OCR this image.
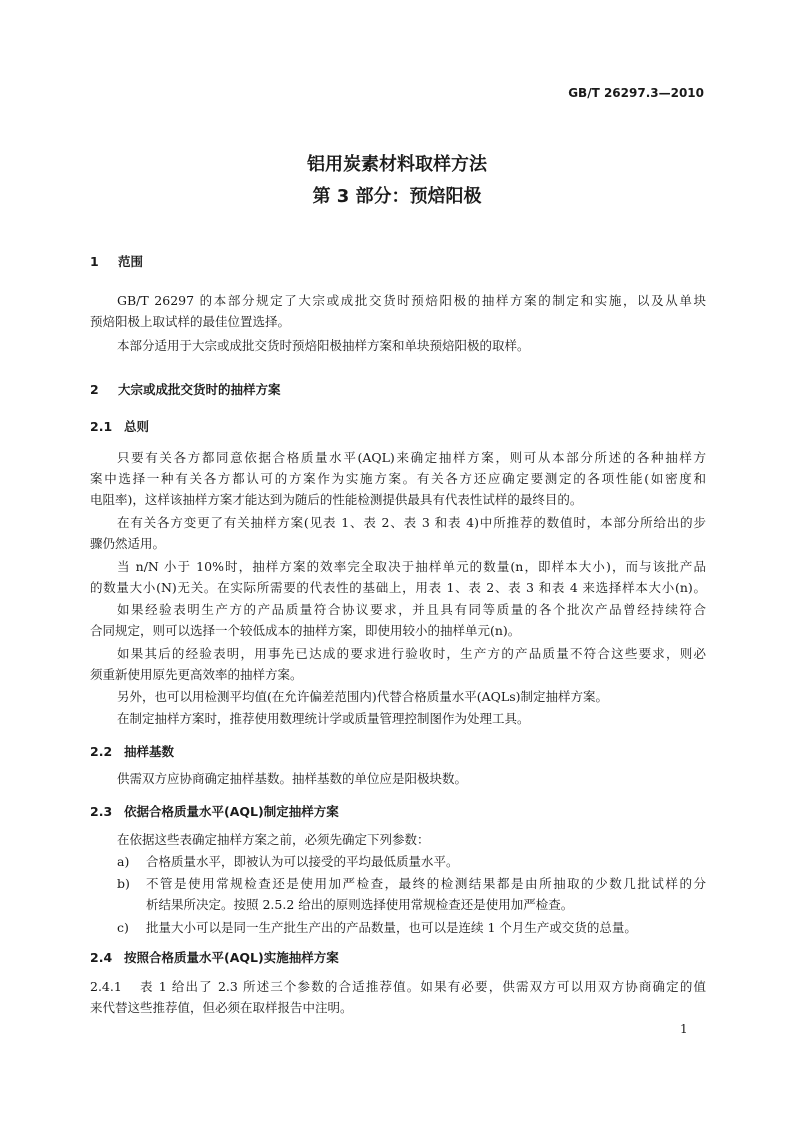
GB/T 26297.3—2010
铝用炭素材料取样方法
第 3 部分：预焙阳极
1 范围
GB/T 26297 的本部分规定了大宗或成批交货时预焙阳极的抽样方案的制定和实施，以及从单块
预焙阳极上取试样的最佳位置选择。
本部分适用于大宗或成批交货时预焙阳极抽样方案和单块预焙阳极的取样。
2 大宗或成批交货时的抽样方案
2.1 总则
只要有关各方都同意依据合格质量水平(AQL)来确定抽样方案，则可从本部分所述的各种抽样方
案中选择一种有关各方都认可的方案作为实施方案。有关各方还应确定要测定的各项性能(如密度和
电阻率)，这样该抽样方案才能达到为随后的性能检测提供最具有代表性试样的最终目的。
在有关各方变更了有关抽样方案(见表 1、表 2、表 3 和表 4)中所推荐的数值时，本部分所给出的步
骤仍然适用。
当 n/N 小于 10%时，抽样方案的效率完全取决于抽样单元的数量(n，即样本大小)，而与该批产品
的数量大小(N)无关。在实际所需要的代表性的基础上，用表 1、表 2、表 3 和表 4 来选择样本大小(n)。
如果经验表明生产方的产品质量符合协议要求，并且具有同等质量的各个批次产品曾经持续符合
合同规定，则可以选择一个较低成本的抽样方案，即使用较小的抽样单元(n)。
如果其后的经验表明，用事先已达成的要求进行验收时，生产方的产品质量不符合这些要求，则必
须重新使用原先更高效率的抽样方案。
另外，也可以用检测平均值(在允许偏差范围内)代替合格质量水平(AQLs)制定抽样方案。
在制定抽样方案时，推荐使用数理统计学或质量管理控制图作为处理工具。
2.2 抽样基数
供需双方应协商确定抽样基数。抽样基数的单位应是阳极块数。
2.3 依据合格质量水平(AQL)制定抽样方案
在依据这些表确定抽样方案之前，必须先确定下列参数：
a) 合格质量水平，即被认为可以接受的平均最低质量水平。
b) 不管是使用常规检查还是使用加严检查，最终的检测结果都是由所抽取的少数几批试样的分
析结果所决定。按照 2.5.2 给出的原则选择使用常规检查还是使用加严检查。
c) 批量大小可以是同一生产批生产出的产品数量，也可以是连续 1 个月生产或交货的总量。
2.4 按照合格质量水平(AQL)实施抽样方案
2.4.1 表 1 给出了 2.3 所述三个参数的合适推荐值。如果有必要，供需双方可以用双方协商确定的值
来代替这些推荐值，但必须在取样报告中注明。
1
